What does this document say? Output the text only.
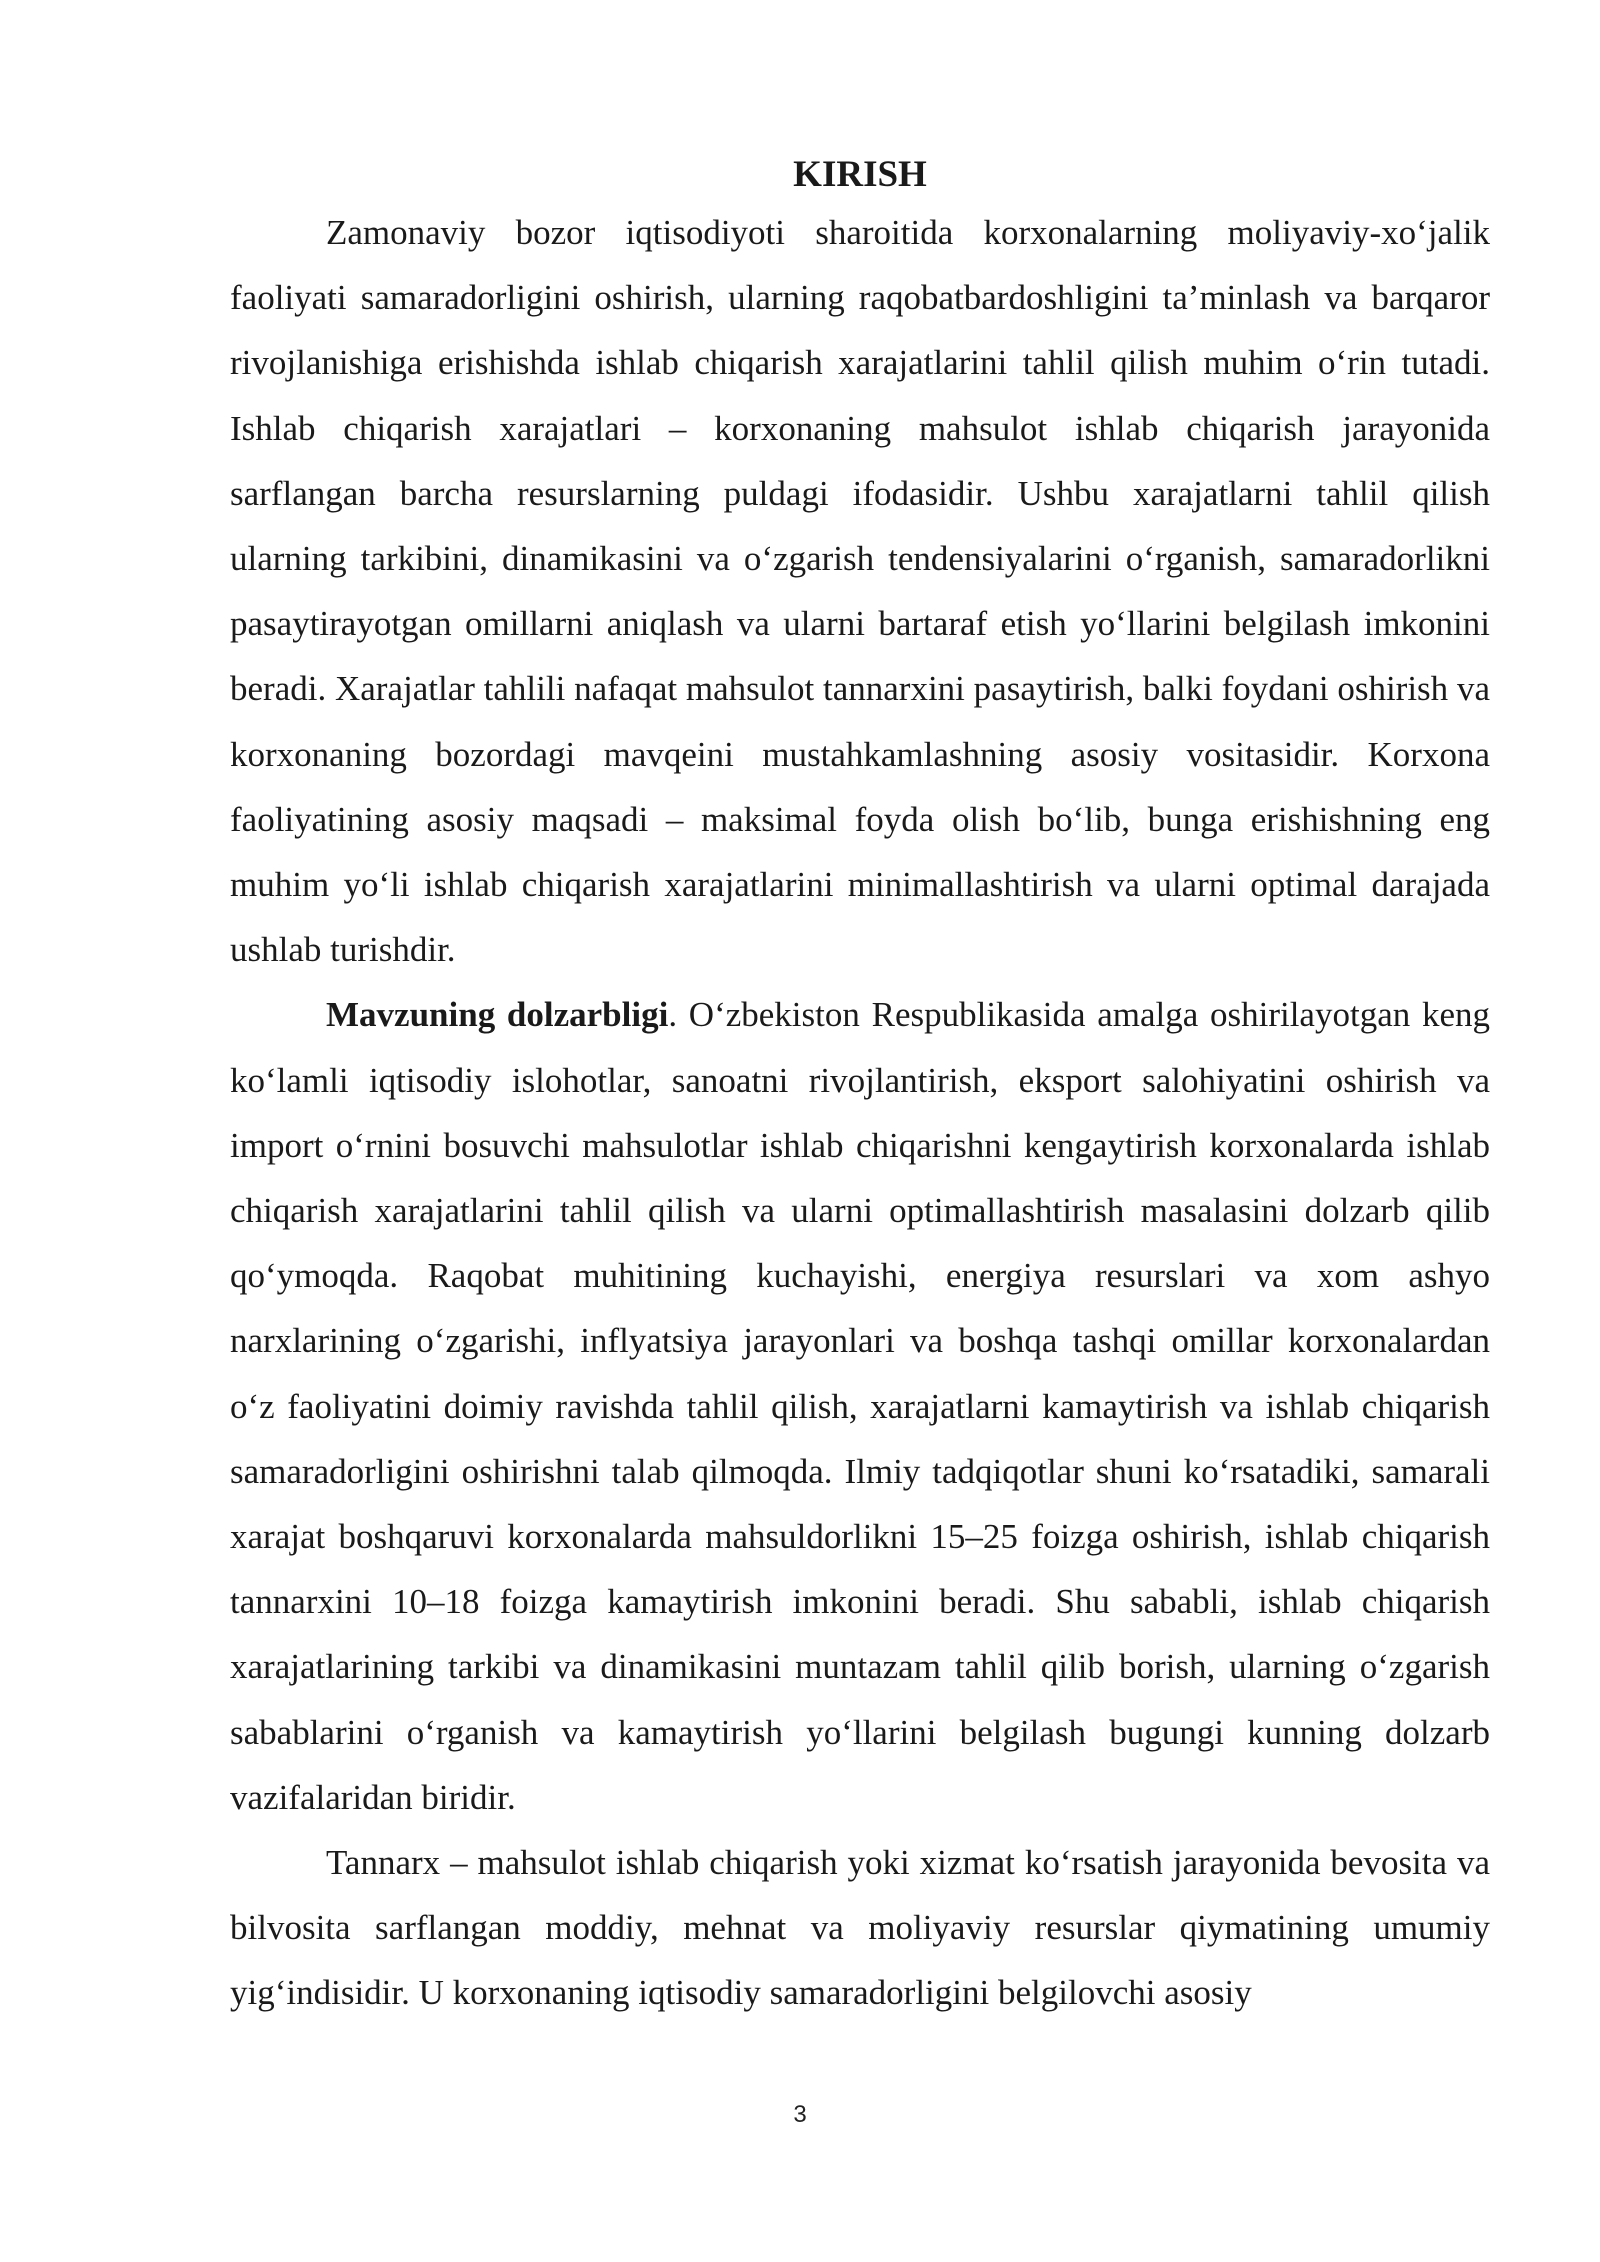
KIRISH

Zamonaviy bozor iqtisodiyoti sharoitida korxonalarning moliyaviy-xo‘jalik faoliyati samaradorligini oshirish, ularning raqobatbardoshligini ta’minlash va barqaror rivojlanishiga erishishda ishlab chiqarish xarajatlarini tahlil qilish muhim o‘rin tutadi. Ishlab chiqarish xarajatlari – korxonaning mahsulot ishlab chiqarish jarayonida sarflangan barcha resurslarning puldagi ifodasidir. Ushbu xarajatlarni tahlil qilish ularning tarkibini, dinamikasini va o‘zgarish tendensiyalarini o‘rganish, samaradorlikni pasaytirayotgan omillarni aniqlash va ularni bartaraf etish yo‘llarini belgilash imkonini beradi. Xarajatlar tahlili nafaqat mahsulot tannarxini pasaytirish, balki foydani oshirish va korxonaning bozordagi mavqeini mustahkamlashning asosiy vositasidir. Korxona faoliyatining asosiy maqsadi – maksimal foyda olish bo‘lib, bunga erishishning eng muhim yo‘li ishlab chiqarish xarajatlarini minimallashtirish va ularni optimal darajada ushlab turishdir.

Mavzuning dolzarbligi. O‘zbekiston Respublikasida amalga oshirilayotgan keng ko‘lamli iqtisodiy islohotlar, sanoatni rivojlantirish, eksport salohiyatini oshirish va import o‘rnini bosuvchi mahsulotlar ishlab chiqarishni kengaytirish korxonalarda ishlab chiqarish xarajatlarini tahlil qilish va ularni optimallashtirish masalasini dolzarb qilib qo‘ymoqda. Raqobat muhitining kuchayishi, energiya resurslari va xom ashyo narxlarining o‘zgarishi, inflyatsiya jarayonlari va boshqa tashqi omillar korxonalardan o‘z faoliyatini doimiy ravishda tahlil qilish, xarajatlarni kamaytirish va ishlab chiqarish samaradorligini oshirishni talab qilmoqda. Ilmiy tadqiqotlar shuni ko‘rsatadiki, samarali xarajat boshqaruvi korxonalarda mahsuldorlikni 15–25 foizga oshirish, ishlab chiqarish tannarxini 10–18 foizga kamaytirish imkonini beradi. Shu sababli, ishlab chiqarish xarajatlarining tarkibi va dinamikasini muntazam tahlil qilib borish, ularning o‘zgarish sabablarini o‘rganish va kamaytirish yo‘llarini belgilash bugungi kunning dolzarb vazifalaridan biridir.

Tannarx – mahsulot ishlab chiqarish yoki xizmat ko‘rsatish jarayonida bevosita va bilvosita sarflangan moddiy, mehnat va moliyaviy resurslar qiymatining umumiy yig‘indisidir. U korxonaning iqtisodiy samaradorligini belgilovchi asosiy

3
